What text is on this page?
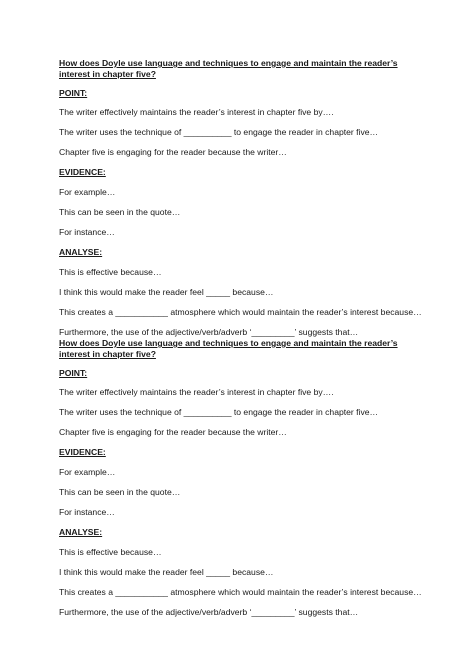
How does Doyle use language and techniques to engage and maintain the reader’s interest in chapter five?

POINT:

The writer effectively maintains the reader’s interest in chapter five by….

The writer uses the technique of __________ to engage the reader in chapter five…

Chapter five is engaging for the reader because the writer…

EVIDENCE:

For example…

This can be seen in the quote…

For instance…

ANALYSE:

This is effective because…

I think this would make the reader feel _____ because…

This creates a ___________ atmosphere which would maintain the reader’s interest because…

Furthermore, the use of the adjective/verb/adverb ‘_________’ suggests that…

How does Doyle use language and techniques to engage and maintain the reader’s interest in chapter five?

POINT:

The writer effectively maintains the reader’s interest in chapter five by….

The writer uses the technique of __________ to engage the reader in chapter five…

Chapter five is engaging for the reader because the writer…

EVIDENCE:

For example…

This can be seen in the quote…

For instance…

ANALYSE:

This is effective because…

I think this would make the reader feel _____ because…

This creates a ___________ atmosphere which would maintain the reader’s interest because…

Furthermore, the use of the adjective/verb/adverb ‘_________’ suggests that…
